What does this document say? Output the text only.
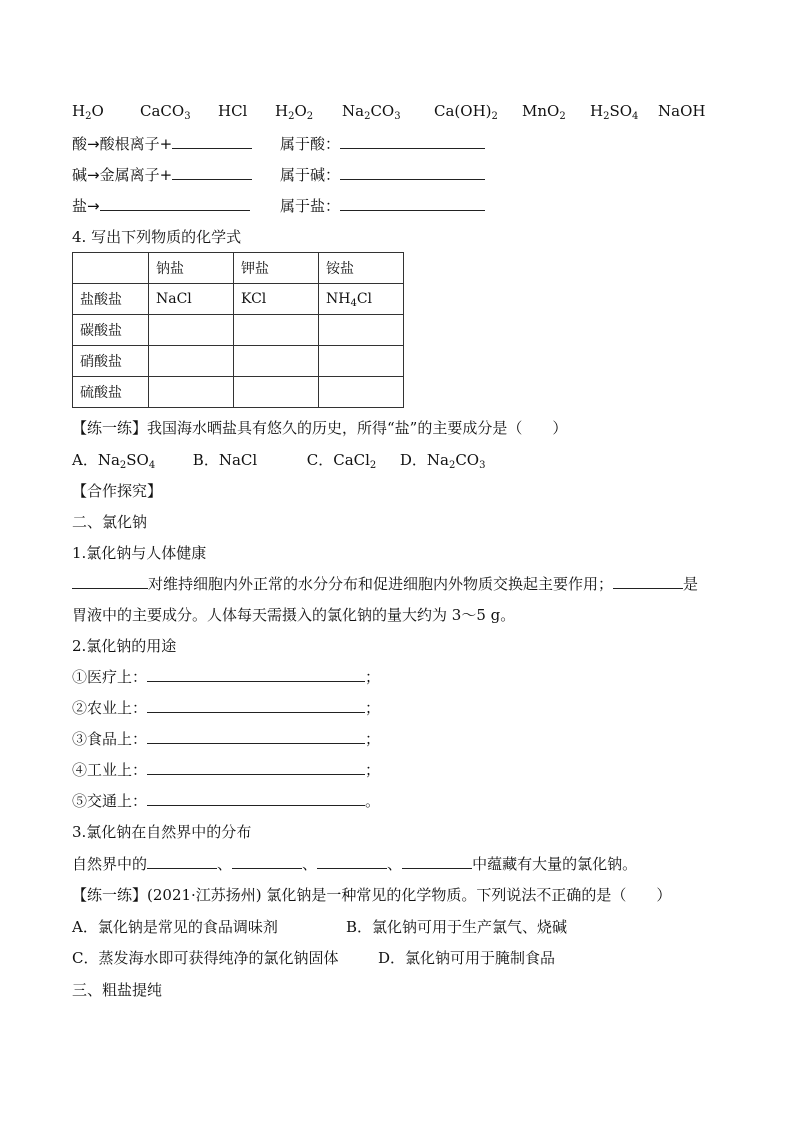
$H_2O$ CaCO$_3$ HCl $H_2O_2$ $Na_2CO_3$ $Ca(OH)_2$ MnO$_2$ $H_2SO_4$ NaOH
酸→酸根离子+	属于酸：
碱→金属离子+	属于碱：
盐→	属于盐：
4. 写出下列物质的化学式
	钠盐	钾盐	铵盐
盐酸盐	NaCl	KCl	$NH_4Cl$
碳酸盐			
硝酸盐			
硫酸盐			
【练一练】我国海水晒盐具有悠久的历史，所得“盐”的主要成分是（　　）
A．$Na_2SO_4$	B．NaCl	C．CaCl$_2$ D．$Na_2CO_3$
【合作探究】
二、氯化钠
1.氯化钠与人体健康
对维持细胞内外正常的水分分布和促进细胞内外物质交换起主要作用；	是
胃液中的主要成分。人体每天需摄入的氯化钠的量大约为 3～5 g。
2.氯化钠的用途
①医疗上：	；
②农业上：	；
③食品上：	；
④工业上：	；
⑤交通上：	。
3.氯化钠在自然界中的分布
自然界中的	、	、	、	中蕴藏有大量的氯化钠。
【练一练】(2021·江苏扬州) 氯化钠是一种常见的化学物质。下列说法不正确的是（　　）
A．氯化钠是常见的食品调味剂	B．氯化钠可用于生产氯气、烧碱
C．蒸发海水即可获得纯净的氯化钠固体	D．氯化钠可用于腌制食品
三、粗盐提纯
